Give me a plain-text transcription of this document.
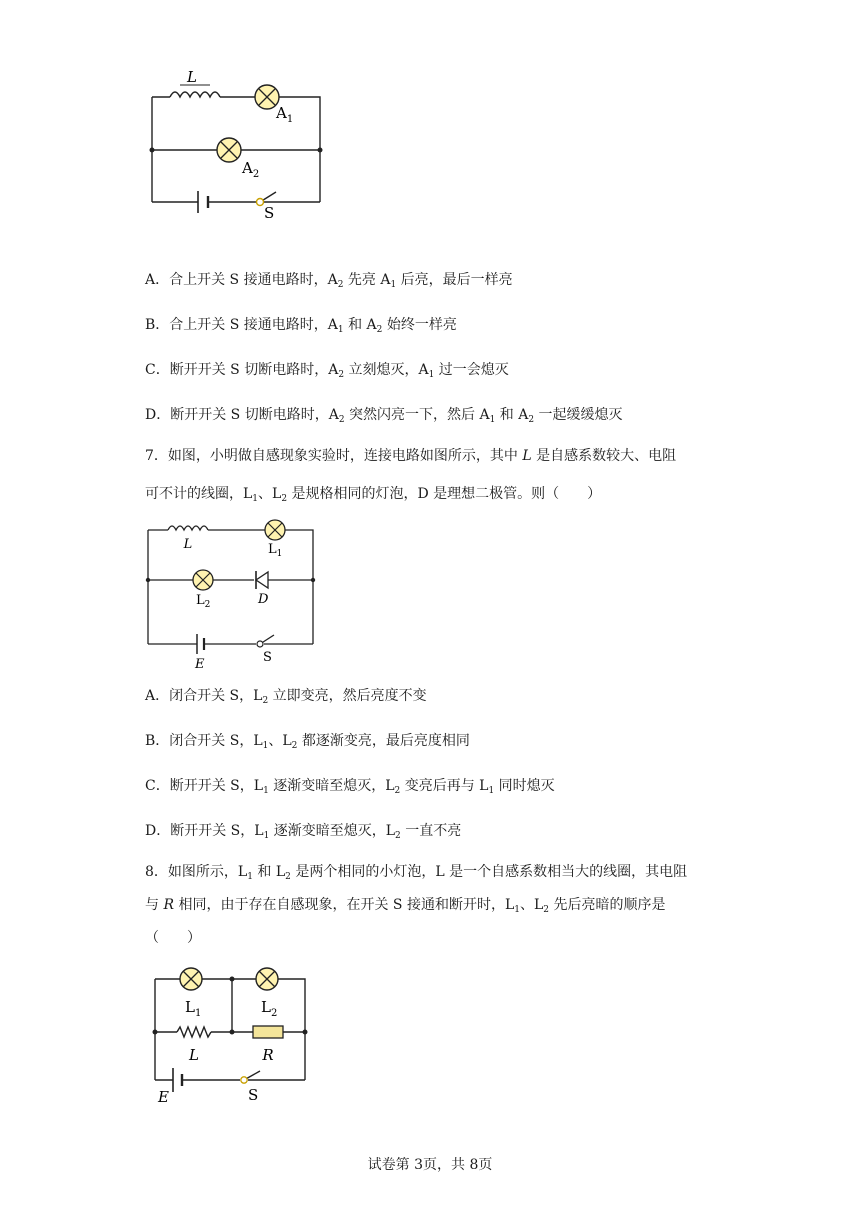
L
$A_1$
$A_2$
S
A．合上开关 S 接通电路时，$A_2$ 先亮 $A_1$ 后亮，最后一样亮
B．合上开关 S 接通电路时，$A_1$ 和 $A_2$ 始终一样亮
C．断开开关 S 切断电路时，$A_2$ 立刻熄灭，$A_1$ 过一会熄灭
D．断开开关 S 切断电路时，$A_2$ 突然闪亮一下，然后 $A_1$ 和 $A_2$ 一起缓缓熄灭
7．如图，小明做自感现象实验时，连接电路如图所示，其中 L 是自感系数较大、电阻
可不计的线圈，$L_1$、$L_2$ 是规格相同的灯泡，D 是理想二极管。则（　　）
L	$L_1$
$L_2$	D
E	S
A．闭合开关 S，$L_2$ 立即变亮，然后亮度不变
B．闭合开关 S，$L_1$、$L_2$ 都逐渐变亮，最后亮度相同
C．断开开关 S，$L_1$ 逐渐变暗至熄灭，$L_2$ 变亮后再与 $L_1$ 同时熄灭
D．断开开关 S，$L_1$ 逐渐变暗至熄灭，$L_2$ 一直不亮
8．如图所示，$L_1$ 和 $L_2$ 是两个相同的小灯泡，L 是一个自感系数相当大的线圈，其电阻
与 R 相同，由于存在自感现象，在开关 S 接通和断开时，$L_1$、$L_2$ 先后亮暗的顺序是
（　　）
$L_1$	$L_2$
L	R
E	S
试卷第 3页，共 8页
